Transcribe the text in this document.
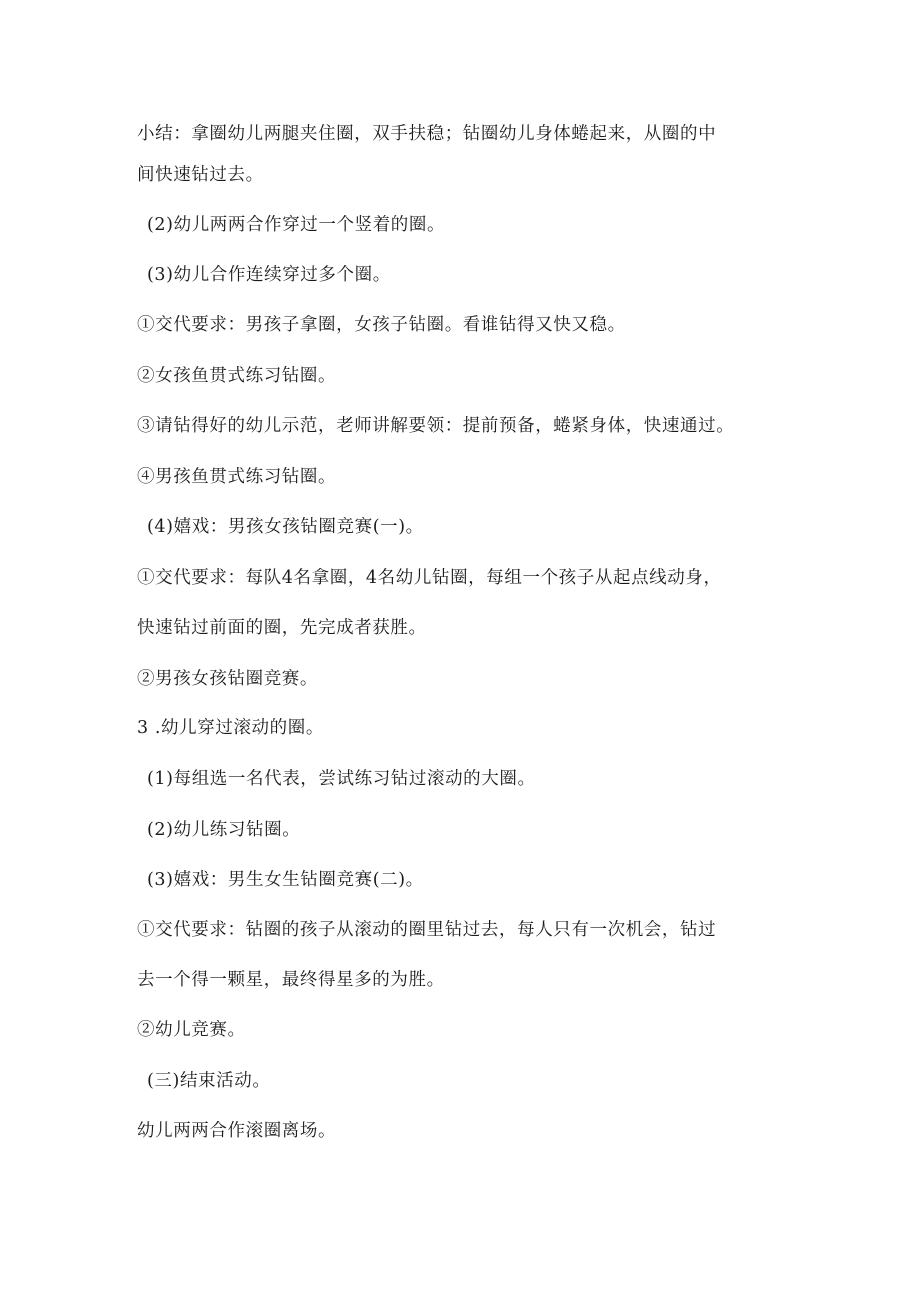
小结：拿圈幼儿两腿夹住圈，双手扶稳；钻圈幼儿身体蜷起来，从圈的中
间快速钻过去。
(2)幼儿两两合作穿过一个竖着的圈。
(3)幼儿合作连续穿过多个圈。
①交代要求：男孩子拿圈，女孩子钻圈。看谁钻得又快又稳。
②女孩鱼贯式练习钻圈。
③请钻得好的幼儿示范，老师讲解要领：提前预备，蜷紧身体，快速通过。
④男孩鱼贯式练习钻圈。
(4)嬉戏：男孩女孩钻圈竞赛(一)。
①交代要求：每队4名拿圈，4名幼儿钻圈，每组一个孩子从起点线动身，
快速钻过前面的圈，先完成者获胜。
②男孩女孩钻圈竞赛。
3 .幼儿穿过滚动的圈。
(1)每组选一名代表，尝试练习钻过滚动的大圈。
(2)幼儿练习钻圈。
(3)嬉戏：男生女生钻圈竞赛(二)。
①交代要求：钻圈的孩子从滚动的圈里钻过去，每人只有一次机会，钻过
去一个得一颗星，最终得星多的为胜。
②幼儿竞赛。
(三)结束活动。
幼儿两两合作滚圈离场。
